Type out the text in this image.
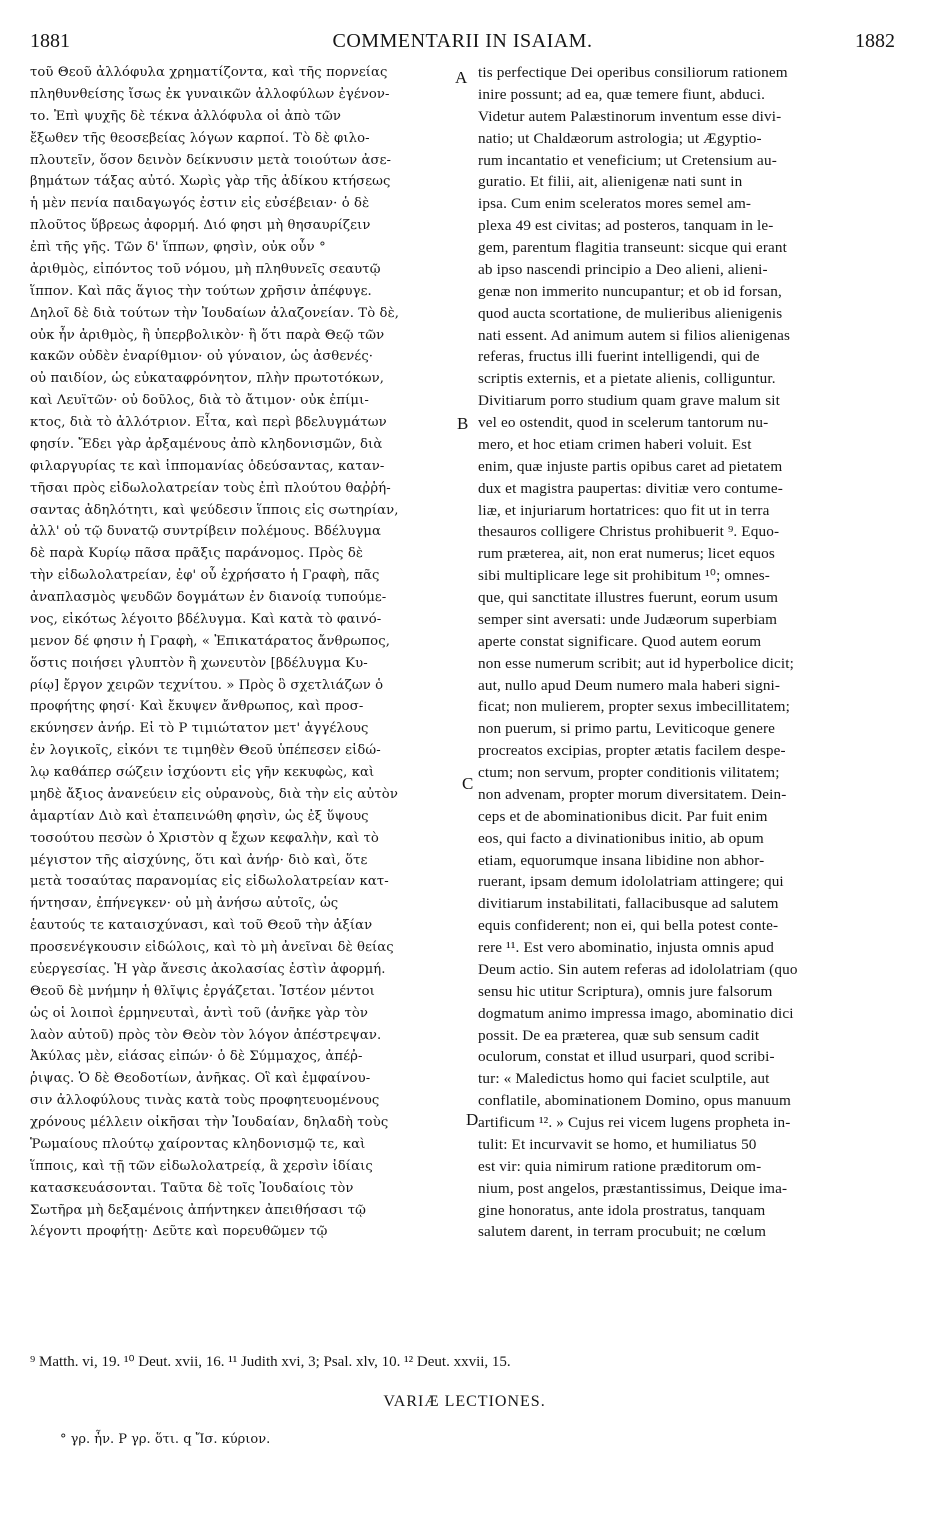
1881	COMMENTARII IN ISAIAM.	1882
τοῦ Θεοῦ ἀλλόφυλα χρηματίζοντα, καὶ τῆς πορνείας
πληθυνθείσης ἴσως ἐκ γυναικῶν ἀλλοφύλων ἐγένον-
το. Ἐπὶ ψυχῆς δὲ τέκνα ἀλλόφυλα οἱ ἀπὸ τῶν
ἔξωθεν τῆς θεοσεβείας λόγων καρποί. Τὸ δὲ φιλο-
πλουτεῖν, ὅσον δεινὸν δείκνυσιν μετὰ τοιούτων ἀσε-
βημάτων τάξας αὐτό. Χωρὶς γὰρ τῆς ἀδίκου κτήσεως
ἡ μὲν πενία παιδαγωγός ἐστιν εἰς εὐσέβειαν· ὁ δὲ
πλοῦτος ὕβρεως ἀφορμή. Διό φησι μὴ θησαυρίζειν
ἐπὶ τῆς γῆς. Τῶν δ' ἵππων, φησὶν, οὐκ οὖν °
ἀριθμὸς, εἰπόντος τοῦ νόμου, μὴ πληθυνεῖς σεαυτῷ
ἵππον. Καὶ πᾶς ἅγιος τὴν τούτων χρῆσιν ἀπέφυγε.
Δηλοῖ δὲ διὰ τούτων τὴν Ἰουδαίων ἀλαζονείαν. Τὸ δὲ,
οὐκ ἦν ἀριθμὸς, ἢ ὑπερβολικὸν· ἢ ὅτι παρὰ Θεῷ τῶν
κακῶν οὐδὲν ἐναρίθμιον· οὐ γύναιον, ὡς ἀσθενές·
οὐ παιδίον, ὡς εὐκαταφρόνητον, πλὴν πρωτοτόκων,
καὶ Λευϊτῶν· οὐ δοῦλος, διὰ τὸ ἄτιμον· οὐκ ἐπίμι-
κτος, διὰ τὸ ἀλλότριον. Εἶτα, καὶ περὶ βδελυγμάτων
φησίν. Ἔδει γὰρ ἀρξαμένους ἀπὸ κληδονισμῶν, διὰ
φιλαργυρίας τε καὶ ἱππομανίας ὁδεύσαντας, καταν-
τῆσαι πρὸς εἰδωλολατρείαν τοὺς ἐπὶ πλούτου θαῤῥή-
σαντας ἀδηλότητι, καὶ ψεύδεσιν ἵπποις εἰς σωτηρίαν,
ἀλλ' οὐ τῷ δυνατῷ συντρίβειν πολέμους. Βδέλυγμα
δὲ παρὰ Κυρίῳ πᾶσα πρᾶξις παράνομος. Πρὸς δὲ
τὴν εἰδωλολατρείαν, ἐφ' οὗ ἐχρήσατο ἡ Γραφὴ, πᾶς
ἀναπλασμὸς ψευδῶν δογμάτων ἐν διανοίᾳ τυπούμε-
νος, εἰκότως λέγοιτο βδέλυγμα. Καὶ κατὰ τὸ φαινό-
μενον δέ φησιν ἡ Γραφὴ, « Ἐπικατάρατος ἄνθρωπος,
ὅστις ποιήσει γλυπτὸν ἢ χωνευτὸν [βδέλυγμα Κυ-
ρίῳ] ἔργον χειρῶν τεχνίτου. » Πρὸς ὃ σχετλιάζων ὁ
προφήτης φησί· Καὶ ἔκυψεν ἄνθρωπος, καὶ προσ-
εκύνησεν ἀνήρ. Εἰ τὸ P τιμιώτατον μετ' ἀγγέλους
ἐν λογικοῖς, εἰκόνι τε τιμηθὲν Θεοῦ ὑπέπεσεν εἰδώ-
λῳ καθάπερ σώζειν ἰσχύοντι εἰς γῆν κεκυφὼς, καὶ
μηδὲ ἄξιος ἀνανεύειν εἰς οὐρανοὺς, διὰ τὴν εἰς αὐτὸν
ἁμαρτίαν Διὸ καὶ ἐταπεινώθη φησὶν, ὡς ἐξ ὕψους
τοσούτου πεσὼν ὁ Χριστὸν q ἔχων κεφαλὴν, καὶ τὸ
μέγιστον τῆς αἰσχύνης, ὅτι καὶ ἀνήρ· διὸ καὶ, ὅτε
μετὰ τοσαύτας παρανομίας εἰς εἰδωλολατρείαν κατ-
ήντησαν, ἐπήνεγκεν· οὐ μὴ ἀνήσω αὐτοῖς, ὡς
ἑαυτούς τε καταισχύνασι, καὶ τοῦ Θεοῦ τὴν ἀξίαν
προσενέγκουσιν εἰδώλοις, καὶ τὸ μὴ ἀνεῖναι δὲ θείας
εὐεργεσίας. Ἡ γὰρ ἄνεσις ἀκολασίας ἐστὶν ἀφορμή.
Θεοῦ δὲ μνήμην ἡ θλῖψις ἐργάζεται. Ἰστέον μέντοι
ὡς οἱ λοιποὶ ἑρμηνευταὶ, ἀντὶ τοῦ (ἀνῆκε γὰρ τὸν
λαὸν αὐτοῦ) πρὸς τὸν Θεὸν τὸν λόγον ἀπέστρεψαν.
Ἀκύλας μὲν, εἰάσας εἰπών· ὁ δὲ Σύμμαχος, ἀπέῤ-
ῥιψας. Ὁ δὲ Θεοδοτίων, ἀνῆκας. Οἳ καὶ ἐμφαίνου-
σιν ἀλλοφύλους τινὰς κατὰ τοὺς προφητευομένους
χρόνους μέλλειν οἰκῆσαι τὴν Ἰουδαίαν, δηλαδὴ τοὺς
Ῥωμαίους πλούτῳ χαίροντας κληδονισμῷ τε, καὶ
ἵπποις, καὶ τῇ τῶν εἰδωλολατρείᾳ, ἃ χερσὶν ἰδίαις
κατασκευάσονται. Ταῦτα δὲ τοῖς Ἰουδαίοις τὸν
Σωτῆρα μὴ δεξαμένοις ἀπήντηκεν ἀπειθήσασι τῷ
λέγοντι προφήτῃ· Δεῦτε καὶ πορευθῶμεν τῷ
tis perfectique Dei operibus consiliorum rationem
inire possunt; ad ea, quæ temere fiunt, abduci.
Videtur autem Palæstinorum inventum esse divi-
natio; ut Chaldæorum astrologia; ut Ægyptio-
rum incantatio et veneficium; ut Cretensium au-
guratio. Et filii, ait, alienigenæ nati sunt in
ipsa. Cum enim sceleratos mores semel am-
plexa 49 est civitas; ad posteros, tanquam in le-
gem, parentum flagitia transeunt: sicque qui erant
ab ipso nascendi principio a Deo alieni, alieni-
genæ non immerito nuncupantur; et ob id forsan,
quod aucta scortatione, de mulieribus alienigenis
nati essent. Ad animum autem si filios alienigenas
referas, fructus illi fuerint intelligendi, qui de
scriptis externis, et a pietate alienis, colliguntur.
Divitiarum porro studium quam grave malum sit
vel eo ostendit, quod in scelerum tantorum nu-
mero, et hoc etiam crimen haberi voluit. Est
enim, quæ injuste partis opibus caret ad pietatem
dux et magistra paupertas: divitiæ vero contume-
liæ, et injuriarum hortatrices: quo fit ut in terra
thesauros colligere Christus prohibuerit ⁹. Equo-
rum præterea, ait, non erat numerus; licet equos
sibi multiplicare lege sit prohibitum ¹⁰; omnes-
que, qui sanctitate illustres fuerunt, eorum usum
semper sint aversati: unde Judæorum superbiam
aperte constat significare. Quod autem eorum
non esse numerum scribit; aut id hyperbolice dicit;
aut, nullo apud Deum numero mala haberi signi-
ficat; non mulierem, propter sexus imbecillitatem;
non puerum, si primo partu, Leviticoque genere
procreatos excipias, propter ætatis facilem despe-
ctum; non servum, propter conditionis vilitatem;
non advenam, propter morum diversitatem. Dein-
ceps et de abominationibus dicit. Par fuit enim
eos, qui facto a divinationibus initio, ab opum
etiam, equorumque insana libidine non abhor-
ruerant, ipsam demum idololatriam attingere; qui
divitiarum instabilitati, fallacibusque ad salutem
equis confiderent; non ei, qui bella potest conte-
rere ¹¹. Est vero abominatio, injusta omnis apud
Deum actio. Sin autem referas ad idololatriam (quo
sensu hic utitur Scriptura), omnis jure falsorum
dogmatum animo impressa imago, abominatio dici
possit. De ea præterea, quæ sub sensum cadit
oculorum, constat et illud usurpari, quod scribi-
tur: « Maledictus homo qui faciet sculptile, aut
conflatile, abominationem Domino, opus manuum
artificum ¹². » Cujus rei vicem lugens propheta in-
tulit: Et incurvavit se homo, et humiliatus 50
est vir: quia nimirum ratione præditorum om-
nium, post angelos, præstantissimus, Deique ima-
gine honoratus, ante idola prostratus, tanquam
salutem darent, in terram procubuit; ne cœlum
A
B
C
D
⁹ Matth. vi, 19. ¹⁰ Deut. xvii, 16. ¹¹ Judith xvi, 3; Psal. xlv, 10. ¹² Deut. xxvii, 15.
VARIÆ LECTIONES.
° γρ. ἦν. P γρ. ὅτι. q Ἴσ. κύριον.
